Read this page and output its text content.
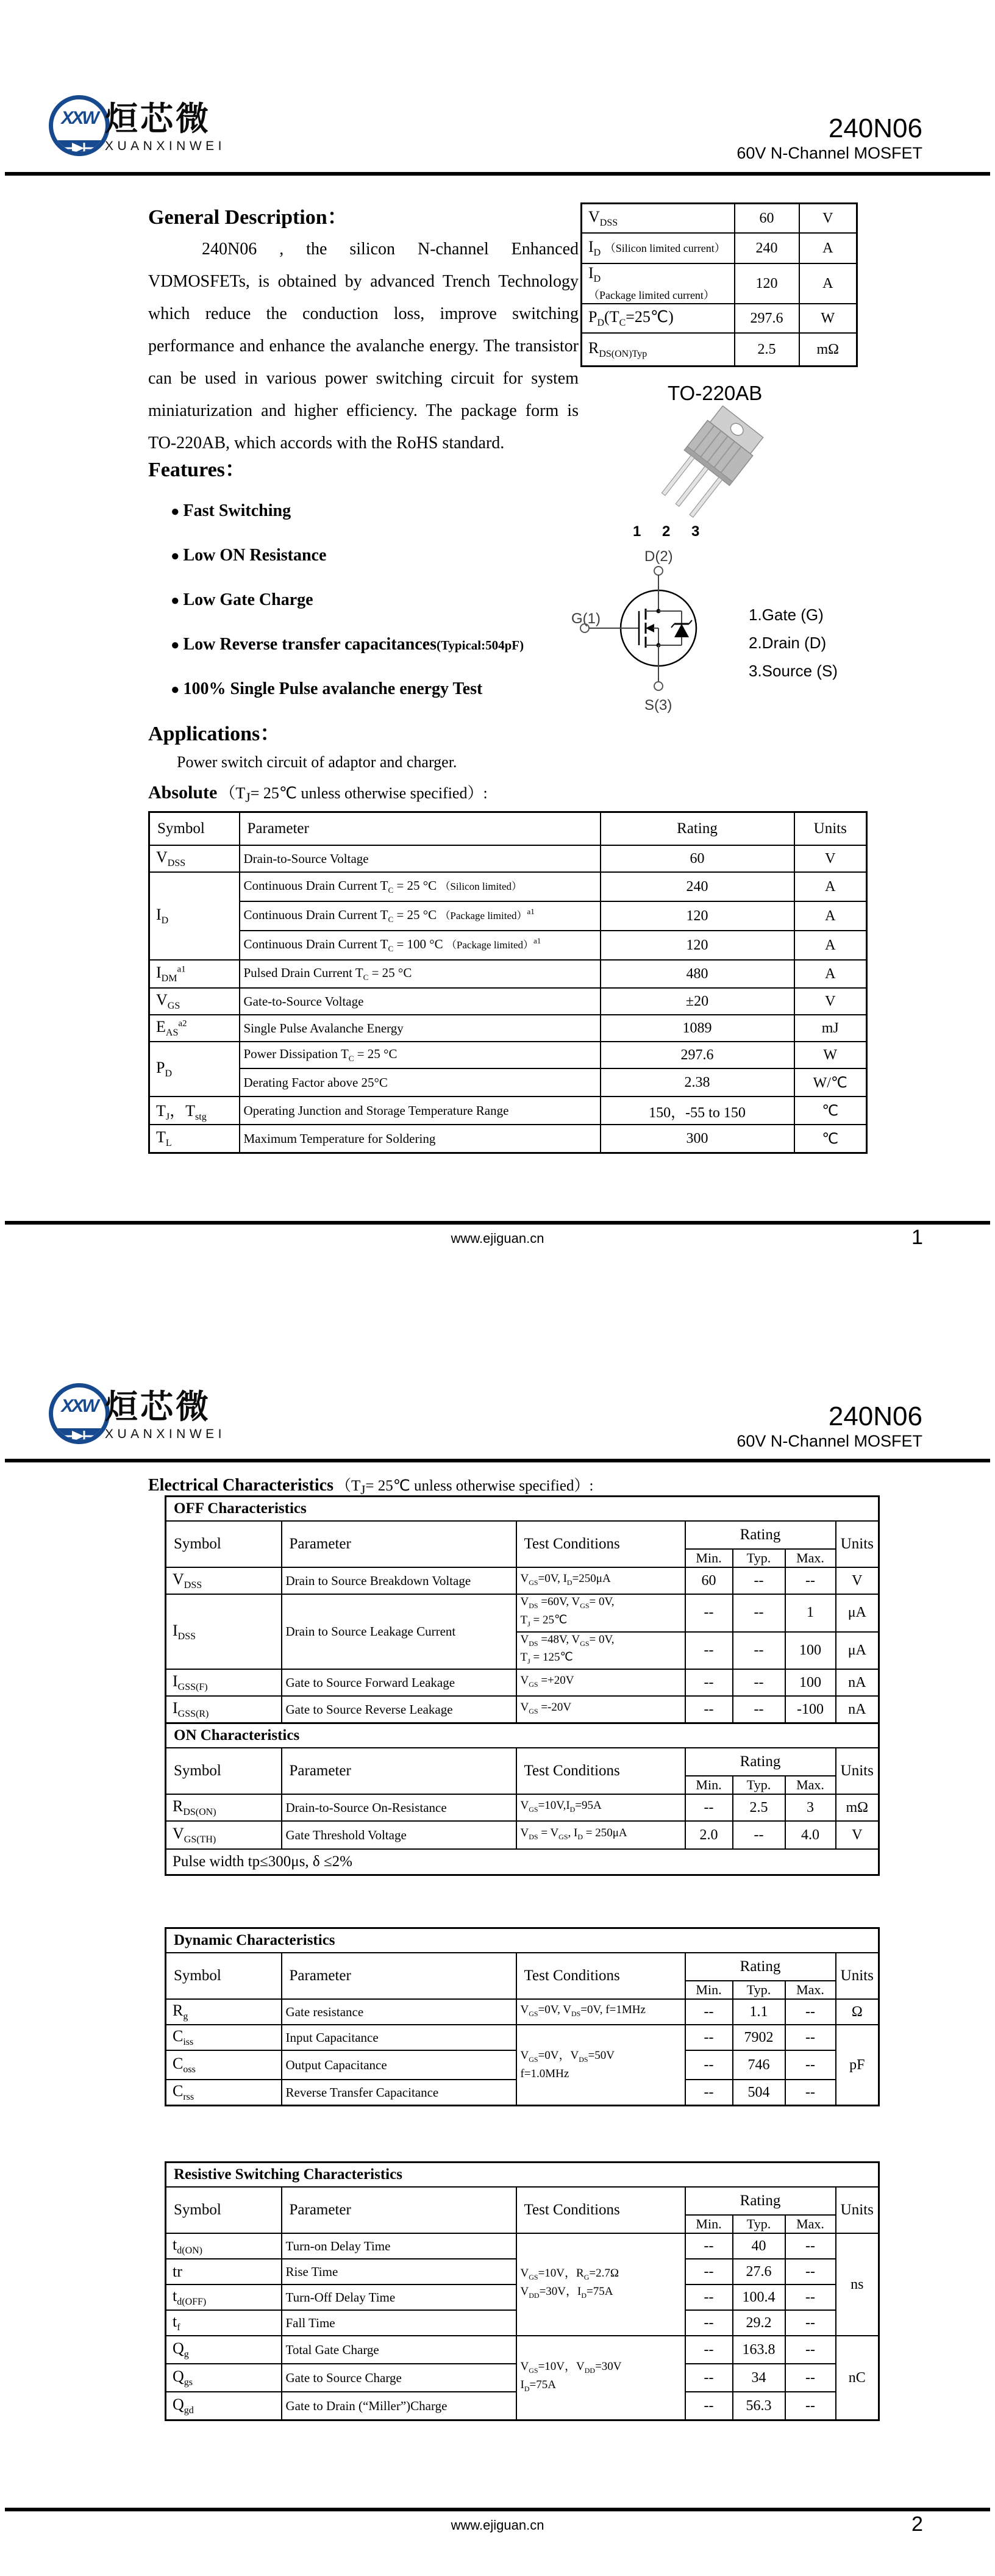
XXW 烜芯微
XUANXINWEI
240N06
60V N-Channel MOSFET
General Description：
240N06 , the silicon N-channel Enhanced VDMOSFETs, is obtained by advanced Trench Technology which reduce the conduction loss, improve switching performance and enhance the avalanche energy. The transistor can be used in various power switching circuit for system miniaturization and higher efficiency. The package form is TO-220AB, which accords with the RoHS standard.
$V_{DSS}$	60	V
$I_D$ （Silicon limited current）	240	A
$I_D$ （Package limited current）	120	A
$P_D(T_C=25℃)$	297.6	W
$R_{DS(ON)Typ}$	2.5	mΩ
TO-220AB
1 2 3
Features：
● Fast Switching
● Low ON Resistance
● Low Gate Charge
● Low Reverse transfer capacitances(Typical:504pF)
● 100% Single Pulse avalanche energy Test
D(2)
G(1)
S(3)
1.Gate (G)
2.Drain (D)
3.Source (S)
Applications：
Power switch circuit of adaptor and charger.
Absolute （$T_J=$ 25℃ unless otherwise specified）:
Symbol	Parameter	Rating	Units
$V_{DSS}$	Drain-to-Source Voltage	60	V
$I_D$	Continuous Drain Current $T_C = 25$ °C （Silicon limited）	240	A
	Continuous Drain Current $T_C = 25$ °C （Package limited）$^{a1}$	120	A
	Continuous Drain Current $T_C = 100$ °C （Package limited）$^{a1}$	120	A
$I_{DM}^{a1}$	Pulsed Drain Current $T_C = 25$ °C	480	A
$V_{GS}$	Gate-to-Source Voltage	±20	V
$E_{AS}^{a2}$	Single Pulse Avalanche Energy	1089	mJ
$P_D$	Power Dissipation $T_C = 25$ °C	297.6	W
	Derating Factor above 25°C	2.38	W/℃
$T_J$，$T_{stg}$	Operating Junction and Storage Temperature Range	150，-55 to 150	℃
$T_L$	Maximum Temperature for Soldering	300	℃
www.ejiguan.cn	1
XXW 烜芯微
XUANXINWEI
240N06
60V N-Channel MOSFET
Electrical Characteristics （$T_J=$ 25℃ unless otherwise specified）:
OFF Characteristics						
Symbol	Parameter	Test Conditions	Rating			Units
			Min.	Typ.	Max.	
$V_{DSS}$	Drain to Source Breakdown Voltage	$V_{GS}=0V$, $I_D=250\mu A$	60	--	--	V
$I_{DSS}$	Drain to Source Leakage Current	$V_{DS} =60V$, $V_{GS}= 0V$,
$T_J$ = 25℃	--	--	1	μA
		$V_{DS} =48V$, $V_{GS}= 0V$,
$T_J$ = 125℃	--	--	100	μA
$I_{GSS(F)}$	Gate to Source Forward Leakage	$V_{GS} =+20V$	--	--	100	nA
$I_{GSS(R)}$	Gate to Source Reverse Leakage	$V_{GS} =-20V$	--	--	-100	nA
ON Characteristics						
Symbol	Parameter	Test Conditions	Rating			Units
			Min.	Typ.	Max.	
$R_{DS(ON)}$	Drain-to-Source On-Resistance	$V_{GS}=10V,I_D=95A$	--	2.5	3	mΩ
$V_{GS(TH)}$	Gate Threshold Voltage	$V_{DS} = V_{GS}$, $I_D = 250\mu A$	2.0	--	4.0	V
Pulse width tp≤300μs, δ ≤2%						
Dynamic Characteristics						
Symbol	Parameter	Test Conditions	Rating			Units
			Min.	Typ.	Max.	
$R_g$	Gate resistance	$V_{GS}=0V$, $V_{DS}=0V$, f=1MHz	--	1.1	--	Ω
$C_{iss}$	Input Capacitance	$V_{GS}=0V$，$V_{DS}=50V$
f=1.0MHz	--	7902	--	pF
$C_{oss}$	Output Capacitance		--	746	--	
$C_{rss}$	Reverse Transfer Capacitance		--	504	--	
Resistive Switching Characteristics						
Symbol	Parameter	Test Conditions	Rating			Units
			Min.	Typ.	Max.	
$t_{d(ON)}$	Turn-on Delay Time	$V_{GS}=10V$，$R_G=2.7\Omega$
$V_{DD}=30V$，$I_D=75A$	--	40	--	ns
tr	Rise Time		--	27.6	--	
$t_{d(OFF)}$	Turn-Off Delay Time		--	100.4	--	
$t_f$	Fall Time		--	29.2	--	
$Q_g$	Total Gate Charge	$V_{GS}=10V$，$V_{DD}=30V$
$I_D=75A$	--	163.8	--	nC
$Q_{gs}$	Gate to Source Charge		--	34	--	
$Q_{gd}$	Gate to Drain (“Miller”)Charge		--	56.3	--	
www.ejiguan.cn	2
